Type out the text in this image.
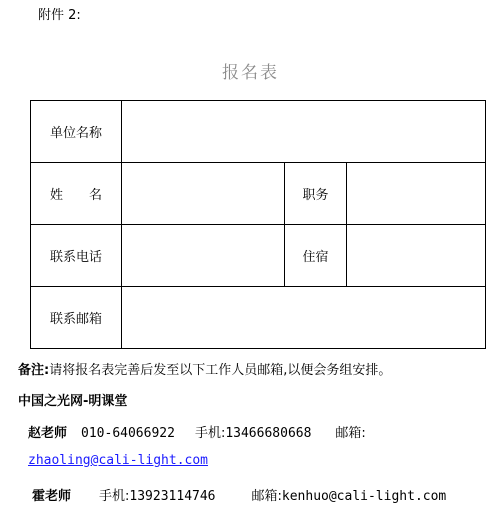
附件 2:
报名表
单位名称			
姓　　名		职务	
联系电话		住宿	
联系邮箱			
备注:请将报名表完善后发至以下工作人员邮箱,以便会务组安排。
中国之光网-明课堂
赵老师 010-64066922 手机:13466680668 邮箱:
zhaoling@cali-light.com
霍老师 手机:13923114746	邮箱:kenhuo@cali-light.com
